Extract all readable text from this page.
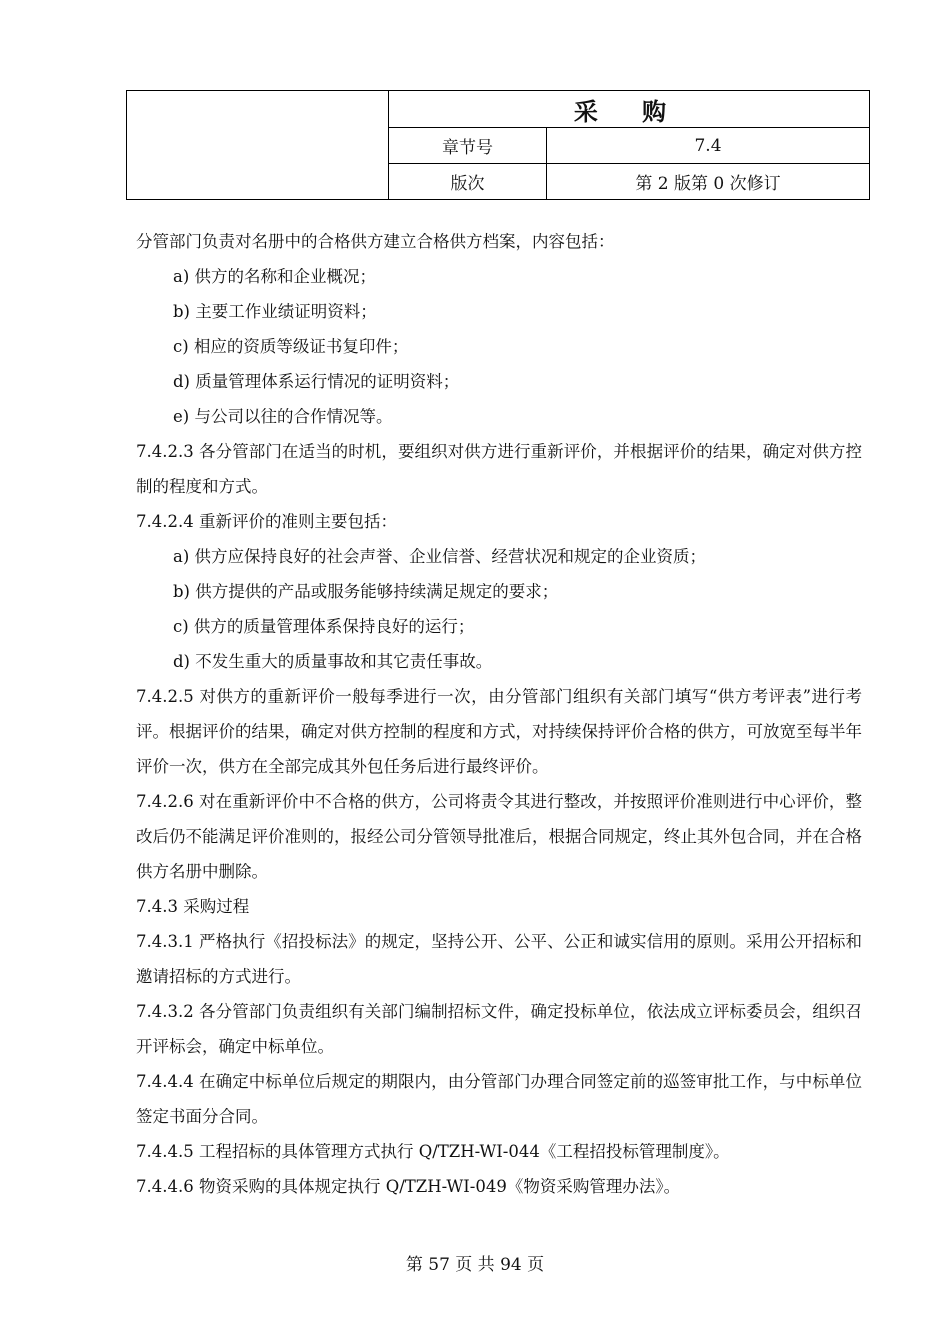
	采 购	
	章节号	7.4
	版次	第 2 版第 0 次修订

分管部门负责对名册中的合格供方建立合格供方档案，内容包括：

a) 供方的名称和企业概况；

b) 主要工作业绩证明资料；

c) 相应的资质等级证书复印件；

d) 质量管理体系运行情况的证明资料；

e) 与公司以往的合作情况等。

7.4.2.3 各分管部门在适当的时机，要组织对供方进行重新评价，并根据评价的结果，确定对供方控制的程度和方式。

7.4.2.4 重新评价的准则主要包括：

a) 供方应保持良好的社会声誉、企业信誉、经营状况和规定的企业资质；

b) 供方提供的产品或服务能够持续满足规定的要求；

c) 供方的质量管理体系保持良好的运行；

d) 不发生重大的质量事故和其它责任事故。

7.4.2.5 对供方的重新评价一般每季进行一次，由分管部门组织有关部门填写“供方考评表”进行考评。根据评价的结果，确定对供方控制的程度和方式，对持续保持评价合格的供方，可放宽至每半年评价一次，供方在全部完成其外包任务后进行最终评价。

7.4.2.6 对在重新评价中不合格的供方，公司将责令其进行整改，并按照评价准则进行中心评价，整改后仍不能满足评价准则的，报经公司分管领导批准后，根据合同规定，终止其外包合同，并在合格供方名册中删除。

7.4.3 采购过程

7.4.3.1 严格执行《招投标法》的规定，坚持公开、公平、公正和诚实信用的原则。采用公开招标和邀请招标的方式进行。

7.4.3.2 各分管部门负责组织有关部门编制招标文件，确定投标单位，依法成立评标委员会，组织召开评标会，确定中标单位。

7.4.4.4 在确定中标单位后规定的期限内，由分管部门办理合同签定前的巡签审批工作，与中标单位签定书面分合同。

7.4.4.5 工程招标的具体管理方式执行 Q/TZH-WI-044《工程招投标管理制度》。

7.4.4.6 物资采购的具体规定执行 Q/TZH-WI-049《物资采购管理办法》。

第 57 页 共 94 页
